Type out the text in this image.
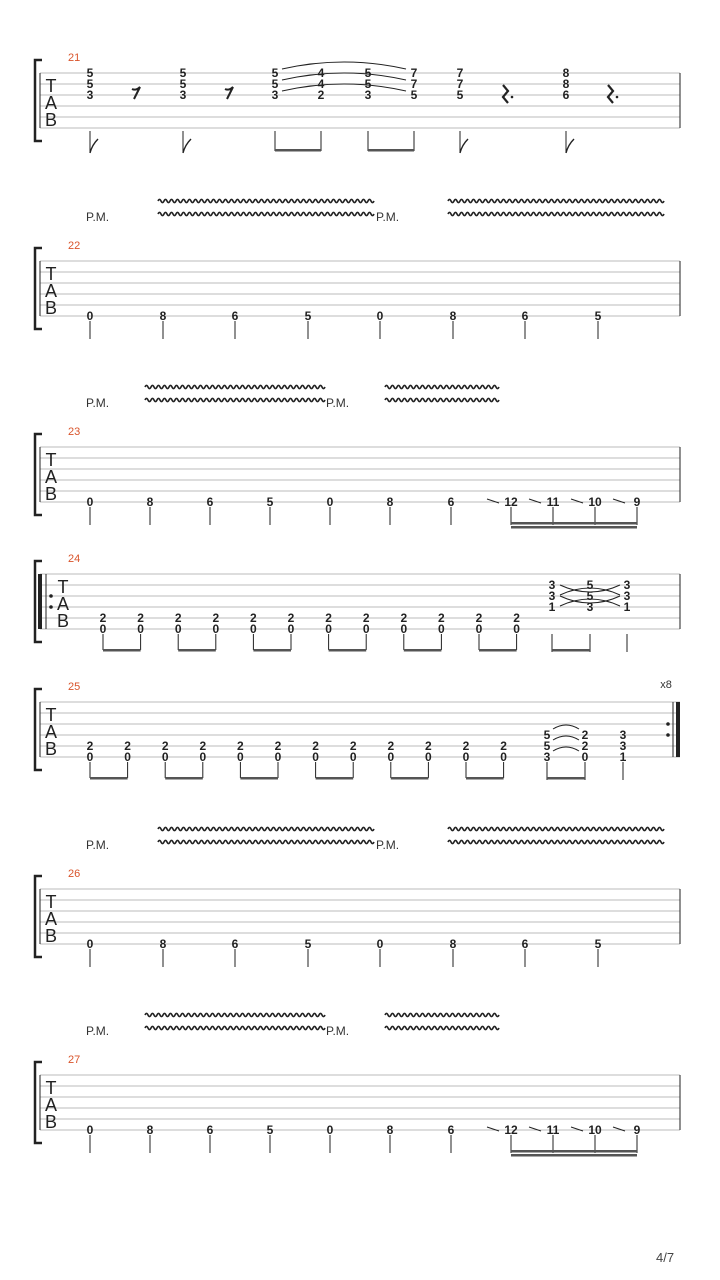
T
A
B
21
5
5
3
5
5
3
5
5
3
4
4
2
5
5
3
7
7
5
7
7
5
8
8
6
P.M.	P.M.
T
A
B
22
0	8	6	5	0	8	6	5
P.M.	P.M.
T
A
B
23
0	8	6	5	0	8	6	12 11 10	9
T
A
B
24
2
0
2
0
2
0
2
0
2
0
2
0
2
0
2
0
2
0
2
0
2
0
2
0
3
3
1
5
5
3
3
3
1
T
A
B
25	x8
2
0
2
0
2
0
2
0
2
0
2
0
2
0
2
0
2
0
2
0
2
0
2
0
5
5
3
2
2
0
3
3
1
P.M.	P.M.
T
A
B
26
0	8	6	5	0	8	6	5
P.M.	P.M.
T
A
B
27
0	8	6	5	0	8	6	12 11 10	9
4/7
